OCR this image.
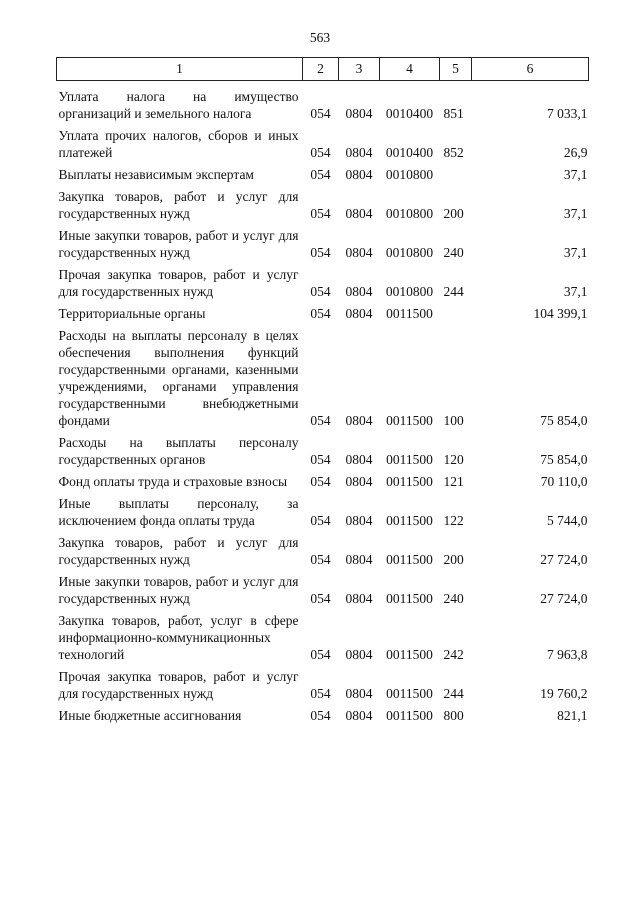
563
1	2	3	4	5	6
Уплата налога на имущество организаций и земельного налога	054	0804	0010400	851	7 033,1
Уплата прочих налогов, сборов и иных платежей	054	0804	0010400	852	26,9
Выплаты независимым экспертам	054	0804	0010800		37,1
Закупка товаров, работ и услуг для государственных нужд	054	0804	0010800	200	37,1
Иные закупки товаров, работ и услуг для государственных нужд	054	0804	0010800	240	37,1
Прочая закупка товаров, работ и услуг для государственных нужд	054	0804	0010800	244	37,1
Территориальные органы	054	0804	0011500		104 399,1
Расходы на выплаты персоналу в целях обеспечения выполнения функций государственными органами, казенными учреждениями, органами управления государственными внебюджетными фондами	054	0804	0011500	100	75 854,0
Расходы на выплаты персоналу государственных органов	054	0804	0011500	120	75 854,0
Фонд оплаты труда и страховые взносы	054	0804	0011500	121	70 110,0
Иные выплаты персоналу, за исключением фонда оплаты труда	054	0804	0011500	122	5 744,0
Закупка товаров, работ и услуг для государственных нужд	054	0804	0011500	200	27 724,0
Иные закупки товаров, работ и услуг для государственных нужд	054	0804	0011500	240	27 724,0
Закупка товаров, работ, услуг в сфере информационно-коммуникационных технологий	054	0804	0011500	242	7 963,8
Прочая закупка товаров, работ и услуг для государственных нужд	054	0804	0011500	244	19 760,2
Иные бюджетные ассигнования	054	0804	0011500	800	821,1
